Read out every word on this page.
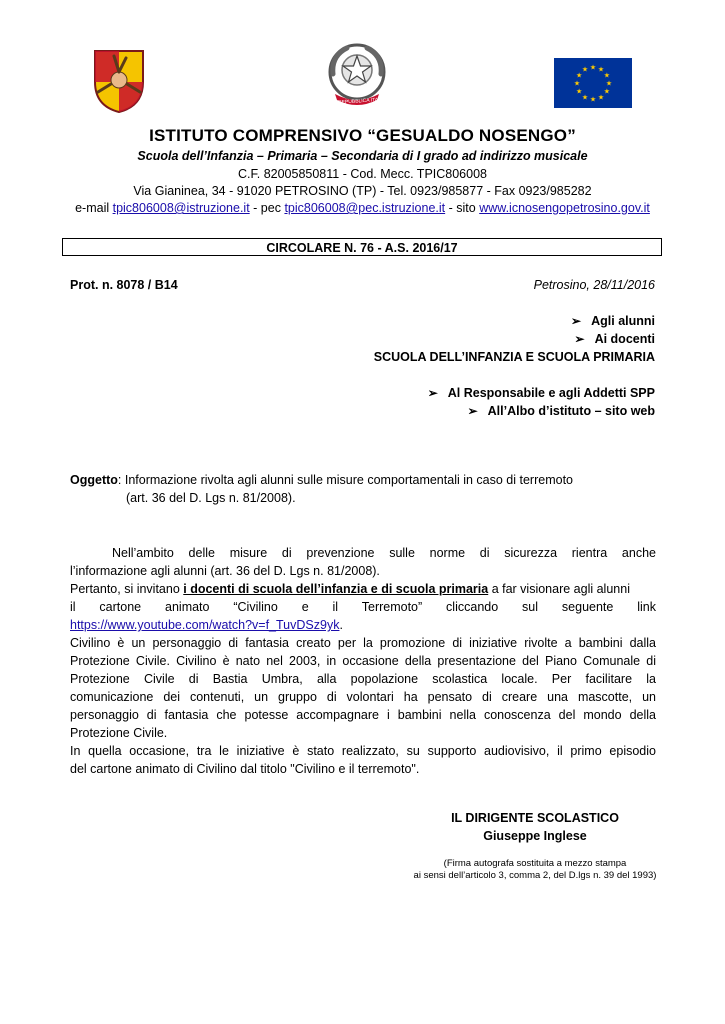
REPUBBLICA ITALIANA
★ ★
★
★
★
★
★
★
★
★
★
★
ISTITUTO COMPRENSIVO “GESUALDO NOSENGO”
Scuola dell’Infanzia – Primaria – Secondaria di I grado ad indirizzo musicale
C.F. 82005850811 - Cod. Mecc. TPIC806008
Via Gianinea, 34 - 91020 PETROSINO (TP) - Tel. 0923/985877 - Fax 0923/985282
e-mail tpic806008@istruzione.it - pec tpic806008@pec.istruzione.it - sito www.icnosengopetrosino.gov.it
CIRCOLARE N. 76 - A.S. 2016/17
Prot. n. 8078 / B14	Petrosino, 28/11/2016
➢ Agli alunni
➢ Ai docenti
SCUOLA DELL’INFANZIA E SCUOLA PRIMARIA
➢ Al Responsabile e agli Addetti SPP
➢ All’Albo d’istituto – sito web
Oggetto: Informazione rivolta agli alunni sulle misure comportamentali in caso di terremoto
(art. 36 del D. Lgs n. 81/2008).
Nell’ambito delle misure di prevenzione sulle norme di sicurezza rientra anche
l’informazione agli alunni (art. 36 del D. Lgs n. 81/2008).
Pertanto, si invitano i docenti di scuola dell’infanzia e di scuola primaria a far visionare agli alunni
il cartone animato “Civilino e il Terremoto” cliccando sul seguente link
https://www.youtube.com/watch?v=f_TuvDSz9yk.
Civilino è un personaggio di fantasia creato per la promozione di iniziative rivolte a bambini dalla
Protezione Civile. Civilino è nato nel 2003, in occasione della presentazione del Piano Comunale di
Protezione Civile di Bastia Umbra, alla popolazione scolastica locale. Per facilitare la
comunicazione dei contenuti, un gruppo di volontari ha pensato di creare una mascotte, un
personaggio di fantasia che potesse accompagnare i bambini nella conoscenza del mondo della
Protezione Civile.
In quella occasione, tra le iniziative è stato realizzato, su supporto audiovisivo, il primo episodio
del cartone animato di Civilino dal titolo "Civilino e il terremoto".
IL DIRIGENTE SCOLASTICO
Giuseppe Inglese
(Firma autografa sostituita a mezzo stampa
ai sensi dell’articolo 3, comma 2, del D.lgs n. 39 del 1993)
